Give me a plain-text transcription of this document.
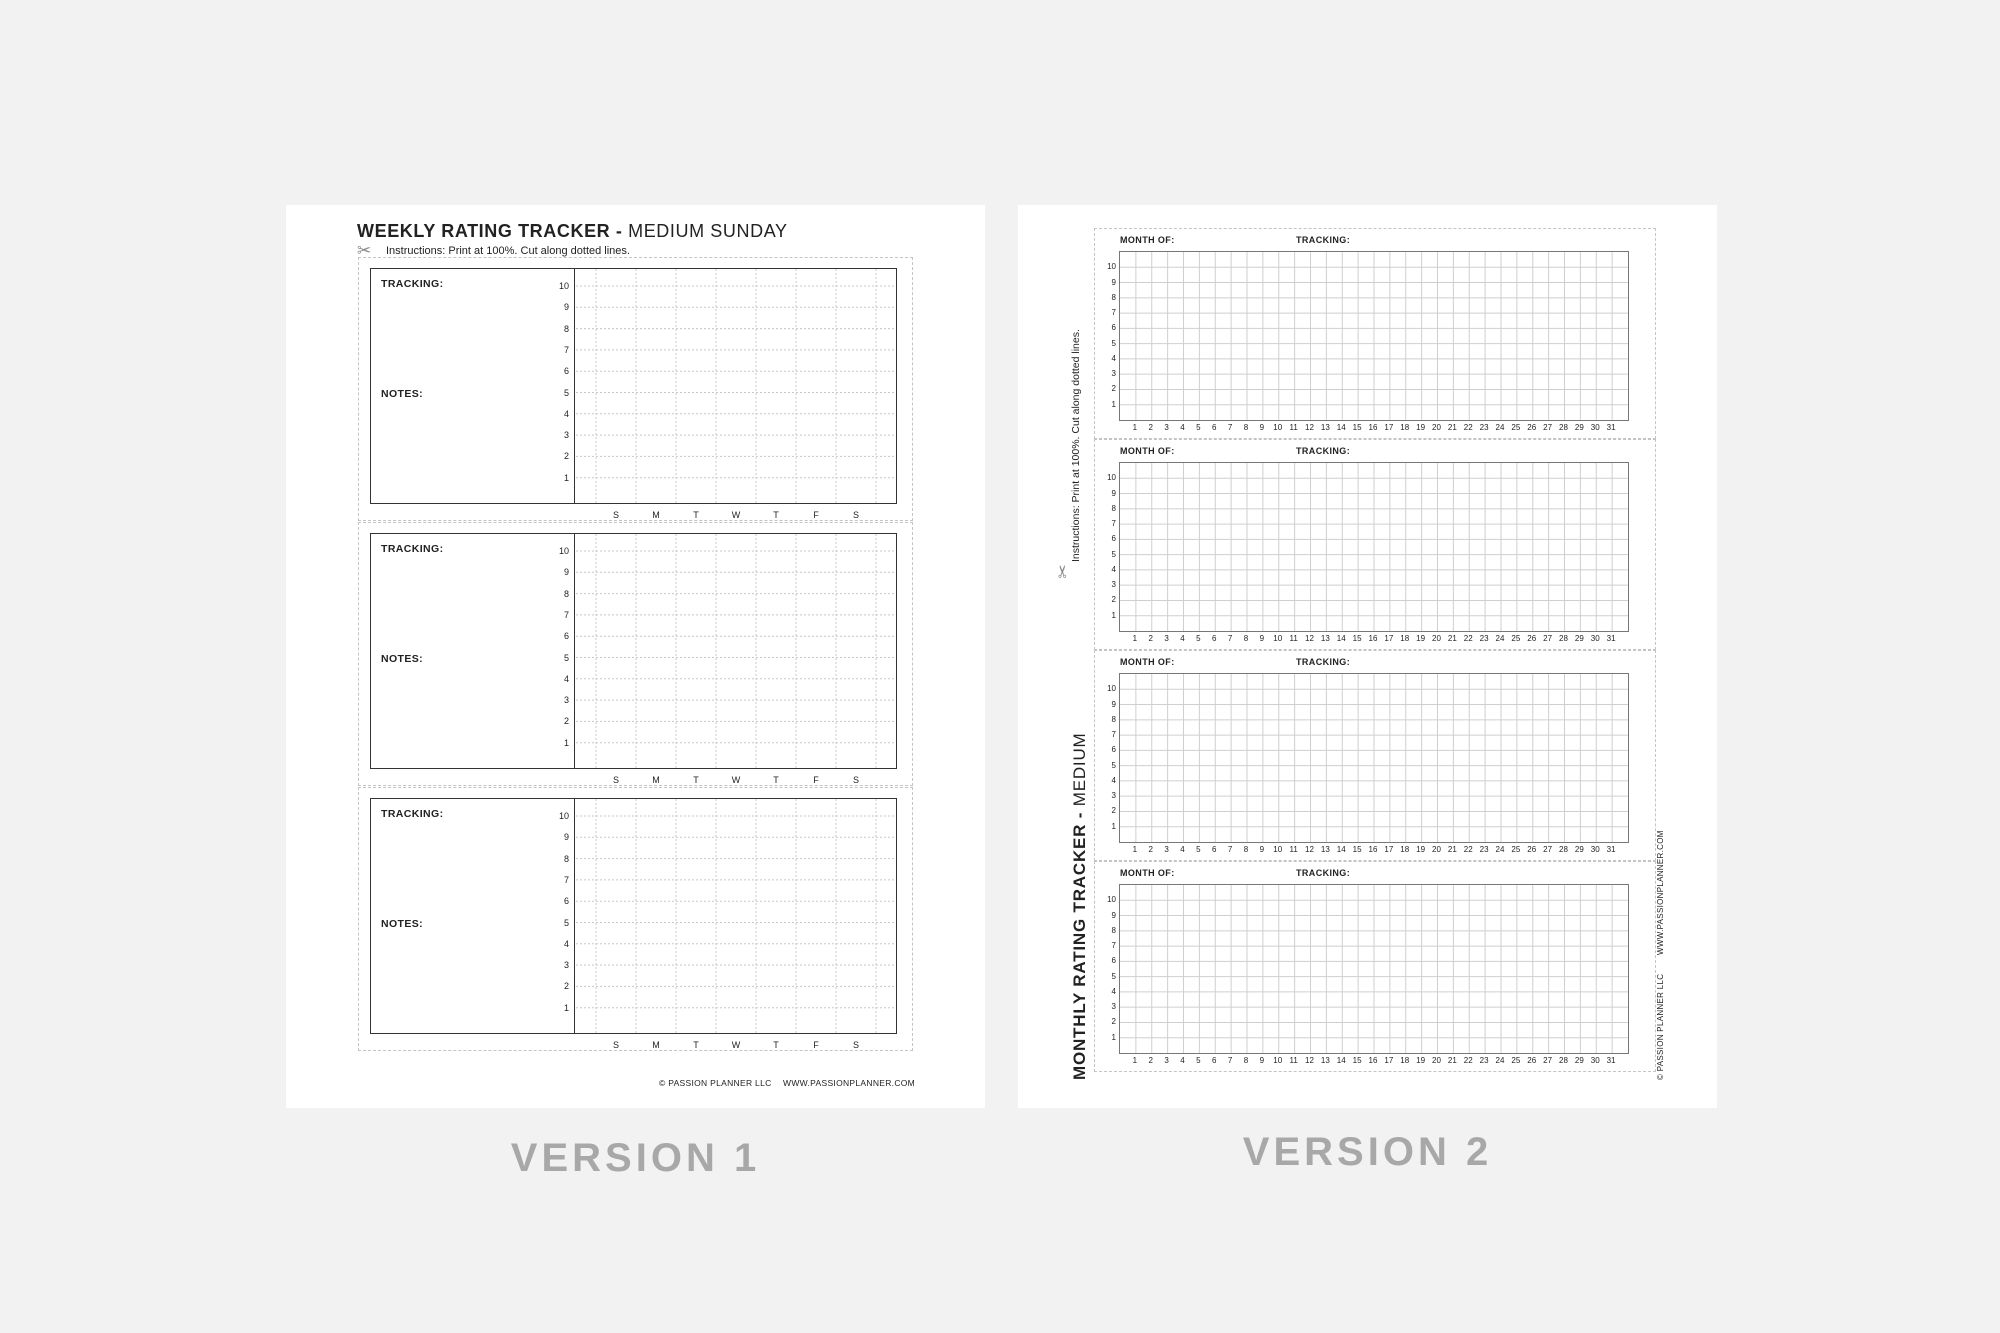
WEEKLY RATING TRACKER - MEDIUM SUNDAY
✂ Instructions: Print at 100%. Cut along dotted lines.
TRACKING:
NOTES:
10
9
8
7
6
5
4
3
2
1
S	M	T	W	T	F	S
TRACKING:
NOTES:
10
9
8
7
6
5
4
3
2
1
S	M	T	W	T	F	S
TRACKING:
NOTES:
10
9
8
7
6
5
4
3
2
1
S	M	T	W	T	F	S
© PASSION PLANNER LLC WWW.PASSIONPLANNER.COM
MONTHLY RATING TRACKER - MEDIUM
Instructions: Print at 100%. Cut along dotted lines.
✂
MONTH OF:	TRACKING:
10
9
8
7
6
5
4
3
2
1
1	2	3	4	5	6	7	8	9	10 11 12 13 14 15 16 17 18 19 20 21 22 23 24 25 26 27 28 29 30 31
MONTH OF:	TRACKING:
10
9
8
7
6
5
4
3
2
1
1	2	3	4	5	6	7	8	9	10 11 12 13 14 15 16 17 18 19 20 21 22 23 24 25 26 27 28 29 30 31
MONTH OF:	TRACKING:
10
9
8
7
6
5
4
3
2
1
1	2	3	4	5	6	7	8	9	10 11 12 13 14 15 16 17 18 19 20 21 22 23 24 25 26 27 28 29 30 31
MONTH OF:	TRACKING:
10
9
8
7
6
5
4
3
2
1
1	2	3	4	5	6	7	8	9	10 11 12 13 14 15 16 17 18 19 20 21 22 23 24 25 26 27 28 29 30 31	© PASSION PLANNER LLC
WWW.PASSIONPLANNER.COM
VERSION 1	VERSION 2
